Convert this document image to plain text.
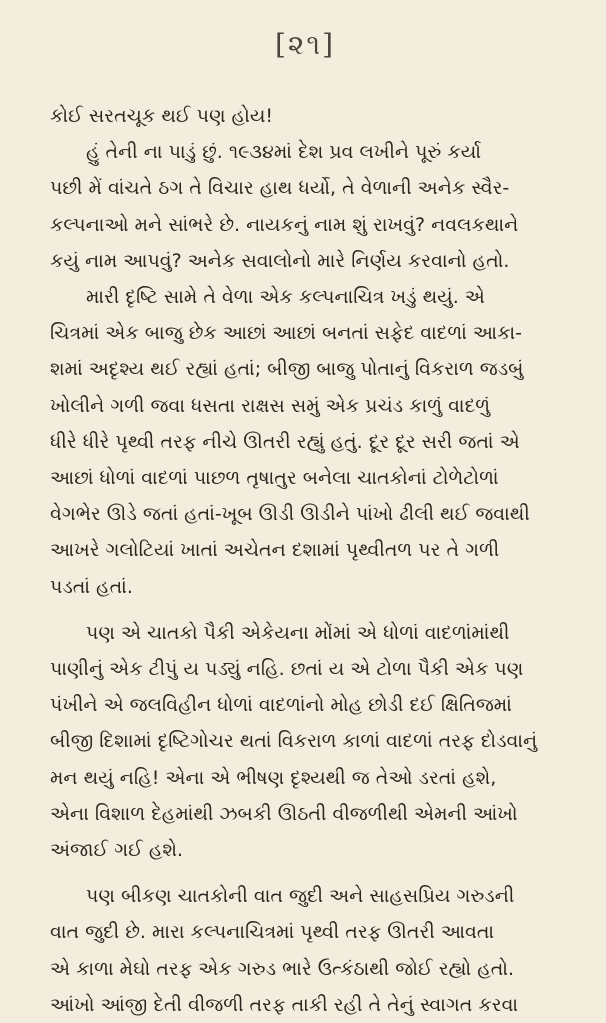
[૨૧]

કોઈ સરતચૂક થઈ પણ હોય!

હું તેની ના પાડું છું. ૧૯૩૪માં દેશ પ્રવ લખીને પૂરું કર્યા

પછી મેં વાંચતે ઠગ તે વિચાર હાથ ધર્યો, તે વેળાની અનેક સ્વૈર-

કલ્પનાઓ મને સાંભરે છે. નાયકનું નામ શું રાખવું? નવલકથાને

કયું નામ આપવું? અનેક સવાલોનો મારે નિર્ણય કરવાનો હતો.

મારી દૃષ્ટિ સામે તે વેળા એક કલ્પનાચિત્ર ખડું થયું. એ

ચિત્રમાં એક બાજુ છેક આછાં આછાં બનતાં સફેદ વાદળાં આકા-

શમાં અદૃશ્ય થઈ રહ્યાં હતાં; બીજી બાજુ પોતાનું વિકરાળ જડબું

ખોલીને ગળી જવા ધસતા રાક્ષસ સમું એક પ્રચંડ કાળું વાદળું

ધીરે ધીરે પૃથ્વી તરફ નીચે ઊતરી રહ્યું હતું. દૂર દૂર સરી જતાં એ

આછાં ધોળાં વાદળાં પાછળ તૃષાતુર બનેલા ચાતકોનાં ટોળેટોળાં

વેગભેર ઊડે જતાં હતાં-ખૂબ ઊડી ઊડીને પાંખો ઢીલી થઈ જવાથી

આખરે ગલોટિયાં ખાતાં અચેતન દશામાં પૃથ્વીતળ પર તે ગળી

પડતાં હતાં.

પણ એ ચાતકો પૈકી એકેયના મોંમાં એ ધોળાં વાદળાંમાંથી

પાણીનું એક ટીપું ય પડ્યું નહિ. છતાં ય એ ટોળા પૈકી એક પણ

પંખીને એ જલવિહીન ધોળાં વાદળાંનો મોહ છોડી દઈ ક્ષિતિજમાં

બીજી દિશામાં દૃષ્ટિગોચર થતાં વિકરાળ કાળાં વાદળાં તરફ દોડવાનું

મન થયું નહિ! એના એ ભીષણ દૃશ્યથી જ તેઓ ડરતાં હશે,

એના વિશાળ દેહમાંથી ઝબકી ઊઠતી વીજળીથી એમની આંખો

અંજાઈ ગઈ હશે.

પણ બીકણ ચાતકોની વાત જુદી અને સાહસપ્રિય ગરુડની

વાત જુદી છે. મારા કલ્પનાચિત્રમાં પૃથ્વી તરફ ઊતરી આવતા

એ કાળા મેઘો તરફ એક ગરુડ ભારે ઉત્કંઠાથી જોઈ રહ્યો હતો.

આંખો આંજી દેતી વીજળી તરફ તાકી રહી તે તેનું સ્વાગત કરવા
